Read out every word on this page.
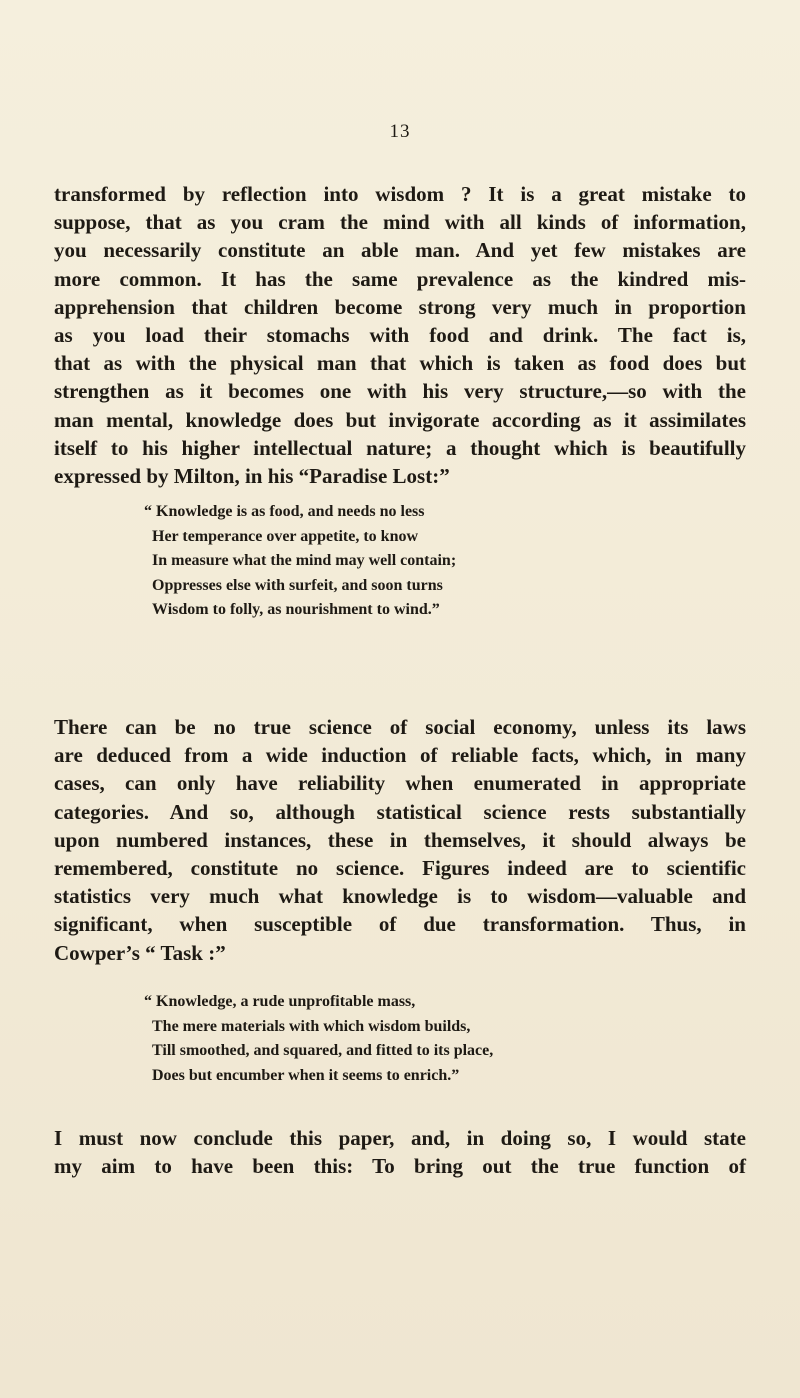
13
transformed by reflection into wisdom ? It is a great mistake to
suppose, that as you cram the mind with all kinds of information,
you necessarily constitute an able man. And yet few mistakes are
more common. It has the same prevalence as the kindred mis-
apprehension that children become strong very much in proportion
as you load their stomachs with food and drink. The fact is,
that as with the physical man that which is taken as food does but
strengthen as it becomes one with his very structure,—so with the
man mental, knowledge does but invigorate according as it assimilates
itself to his higher intellectual nature; a thought which is beautifully
expressed by Milton, in his “Paradise Lost:”
“ Knowledge is as food, and needs no less
Her temperance over appetite, to know
In measure what the mind may well contain;
Oppresses else with surfeit, and soon turns
Wisdom to folly, as nourishment to wind.”
There can be no true science of social economy, unless its laws
are deduced from a wide induction of reliable facts, which, in many
cases, can only have reliability when enumerated in appropriate
categories. And so, although statistical science rests substantially
upon numbered instances, these in themselves, it should always be
remembered, constitute no science. Figures indeed are to scientific
statistics very much what knowledge is to wisdom—valuable and
significant, when susceptible of due transformation. Thus, in
Cowper’s “ Task :”
“ Knowledge, a rude unprofitable mass,
The mere materials with which wisdom builds,
Till smoothed, and squared, and fitted to its place,
Does but encumber when it seems to enrich.”
I must now conclude this paper, and, in doing so, I would state
my aim to have been this: To bring out the true function of
